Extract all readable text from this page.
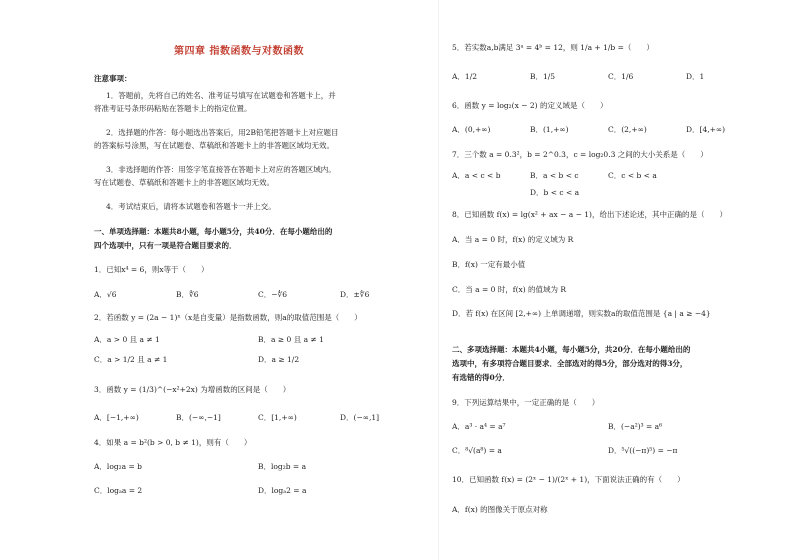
第四章 指数函数与对数函数
注意事项：
1．答题前，先将自己的姓名、准考证号填写在试题卷和答题卡上，并
将准考证号条形码粘贴在答题卡上的指定位置。
2．选择题的作答：每小题选出答案后，用2B铅笔把答题卡上对应题目
的答案标号涂黑，写在试题卷、草稿纸和答题卡上的非答题区域均无效。
3．非选择题的作答：用签字笔直接答在答题卡上对应的答题区域内。
写在试题卷、草稿纸和答题卡上的非答题区域均无效。
4．考试结束后，请将本试题卷和答题卡一并上交。
一、单项选择题：本题共8小题，每小题5分，共40分．在每小题给出的
四个选项中，只有一项是符合题目要求的．
1．已知x⁴ = 6，则x等于（　　）
A．√6	B．∜6	C．−∜6	D．±∜6
2．若函数 y = (2a − 1)ˣ（x是自变量）是指数函数，则a的取值范围是（　　）
A．a > 0 且 a ≠ 1	B．a ≥ 0 且 a ≠ 1
C．a > 1/2 且 a ≠ 1	D．a ≥ 1/2
3．函数 y = (1/3)^(−x²+2x) 为增函数的区间是（　　）
A．[−1,+∞)	B．(−∞,−1]	C．[1,+∞)	D．(−∞,1]
4．如果 a = b²(b > 0, b ≠ 1)，则有（　　）
A．log₂a = b	B．log₂b = a
C．logₐa = 2	D．logₐ2 = a
5．若实数a,b满足 3ᵃ = 4ᵇ = 12，则 1/a + 1/b =（　　）
A．1/2	B．1/5	C．1/6	D．1
6．函数 y = log₂(x − 2) 的定义域是（　　）
A．(0,+∞)	B．(1,+∞)	C．(2,+∞)	D．[4,+∞)
7．三个数 a = 0.3²，b = 2^0.3，c = log₂0.3 之间的大小关系是（　　）
A．a < c < b	B．a < b < c	C．c < b < a
D．b < c < a
8．已知函数 f(x) = lg(x² + ax − a − 1)，给出下述论述，其中正确的是（　　）
A．当 a = 0 时，f(x) 的定义域为 R
B．f(x) 一定有最小值
C．当 a = 0 时，f(x) 的值域为 R
D．若 f(x) 在区间 [2,+∞) 上单调递增，则实数a的取值范围是 {a | a ≥ −4}
二、多项选择题：本题共4小题，每小题5分，共20分．在每小题给出的
选项中，有多项符合题目要求．全部选对的得5分，部分选对的得3分，
有选错的得0分．
9．下列运算结果中，一定正确的是（　　）
A．a³ · a⁴ = a⁷	B．(−a²)³ = a⁶
C．⁸√(a⁸) = a	D．⁵√((−π)⁵) = −π
10．已知函数 f(x) = (2ˣ − 1)/(2ˣ + 1)，下面说法正确的有（　　）
A．f(x) 的图像关于原点对称
